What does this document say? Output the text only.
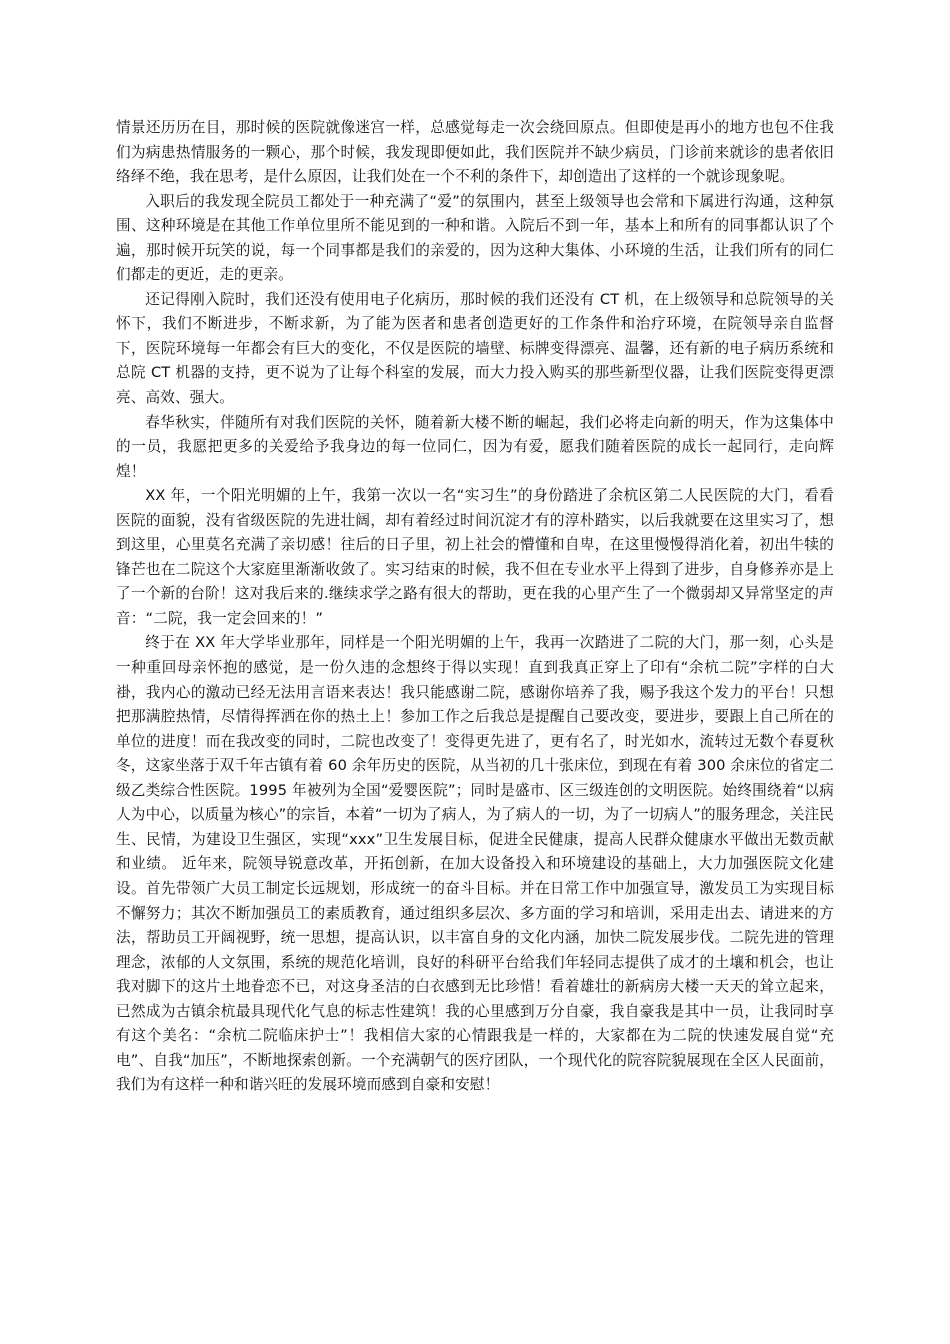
情景还历历在目，那时候的医院就像迷宫一样，总感觉每走一次会绕回原点。但即使是再小的地方也包不住我们为病患热情服务的一颗心，那个时候，我发现即便如此，我们医院并不缺少病员，门诊前来就诊的患者依旧络绎不绝，我在思考，是什么原因，让我们处在一个不利的条件下，却创造出了这样的一个就诊现象呢。

入职后的我发现全院员工都处于一种充满了“爱”的氛围内，甚至上级领导也会常和下属进行沟通，这种氛围、这种环境是在其他工作单位里所不能见到的一种和谐。入院后不到一年，基本上和所有的同事都认识了个遍，那时候开玩笑的说，每一个同事都是我们的亲爱的，因为这种大集体、小环境的生活，让我们所有的同仁们都走的更近，走的更亲。

还记得刚入院时，我们还没有使用电子化病历，那时候的我们还没有 CT 机，在上级领导和总院领导的关怀下，我们不断进步，不断求新，为了能为医者和患者创造更好的工作条件和治疗环境，在院领导亲自监督下，医院环境每一年都会有巨大的变化，不仅是医院的墙壁、标牌变得漂亮、温馨，还有新的电子病历系统和总院 CT 机器的支持，更不说为了让每个科室的发展，而大力投入购买的那些新型仪器，让我们医院变得更漂亮、高效、强大。

春华秋实，伴随所有对我们医院的关怀，随着新大楼不断的崛起，我们必将走向新的明天，作为这集体中的一员，我愿把更多的关爱给予我身边的每一位同仁，因为有爱，愿我们随着医院的成长一起同行，走向辉煌！

XX 年，一个阳光明媚的上午，我第一次以一名“实习生”的身份踏进了余杭区第二人民医院的大门，看看医院的面貌，没有省级医院的先进壮阔，却有着经过时间沉淀才有的淳朴踏实，以后我就要在这里实习了，想到这里，心里莫名充满了亲切感！往后的日子里，初上社会的懵懂和自卑，在这里慢慢得消化着，初出牛犊的锋芒也在二院这个大家庭里渐渐收敛了。实习结束的时候，我不但在专业水平上得到了进步，自身修养亦是上了一个新的台阶！这对我后来的.继续求学之路有很大的帮助，更在我的心里产生了一个微弱却又异常坚定的声音：“二院，我一定会回来的！”

终于在 XX 年大学毕业那年，同样是一个阳光明媚的上午，我再一次踏进了二院的大门，那一刻，心头是一种重回母亲怀抱的感觉，是一份久违的念想终于得以实现！直到我真正穿上了印有“余杭二院”字样的白大褂，我内心的激动已经无法用言语来表达！我只能感谢二院，感谢你培养了我，赐予我这个发力的平台！只想把那满腔热情，尽情得挥洒在你的热土上！参加工作之后我总是提醒自己要改变，要进步，要跟上自己所在的单位的进度！而在我改变的同时，二院也改变了！变得更先进了，更有名了，时光如水，流转过无数个春夏秋冬，这家坐落于双千年古镇有着 60 余年历史的医院，从当初的几十张床位，到现在有着 300 余床位的省定二级乙类综合性医院。1995 年被列为全国“爱婴医院”；同时是盛市、区三级连创的文明医院。始终围绕着“以病人为中心，以质量为核心”的宗旨，本着“一切为了病人，为了病人的一切，为了一切病人”的服务理念，关注民生、民情，为建设卫生强区，实现“xxx”卫生发展目标，促进全民健康，提高人民群众健康水平做出无数贡献和业绩。 近年来，院领导锐意改革，开拓创新，在加大设备投入和环境建设的基础上，大力加强医院文化建设。首先带领广大员工制定长远规划，形成统一的奋斗目标。并在日常工作中加强宣导，激发员工为实现目标不懈努力；其次不断加强员工的素质教育，通过组织多层次、多方面的学习和培训，采用走出去、请进来的方法，帮助员工开阔视野，统一思想，提高认识，以丰富自身的文化内涵，加快二院发展步伐。二院先进的管理理念，浓郁的人文氛围，系统的规范化培训，良好的科研平台给我们年轻同志提供了成才的土壤和机会，也让我对脚下的这片土地眷恋不已，对这身圣洁的白衣感到无比珍惜！看着雄壮的新病房大楼一天天的耸立起来，已然成为古镇余杭最具现代化气息的标志性建筑！我的心里感到万分自豪，我自豪我是其中一员，让我同时享有这个美名：“余杭二院临床护士”！我相信大家的心情跟我是一样的，大家都在为二院的快速发展自觉“充电”、自我“加压”，不断地探索创新。一个充满朝气的医疗团队，一个现代化的院容院貌展现在全区人民面前，我们为有这样一种和谐兴旺的发展环境而感到自豪和安慰！
